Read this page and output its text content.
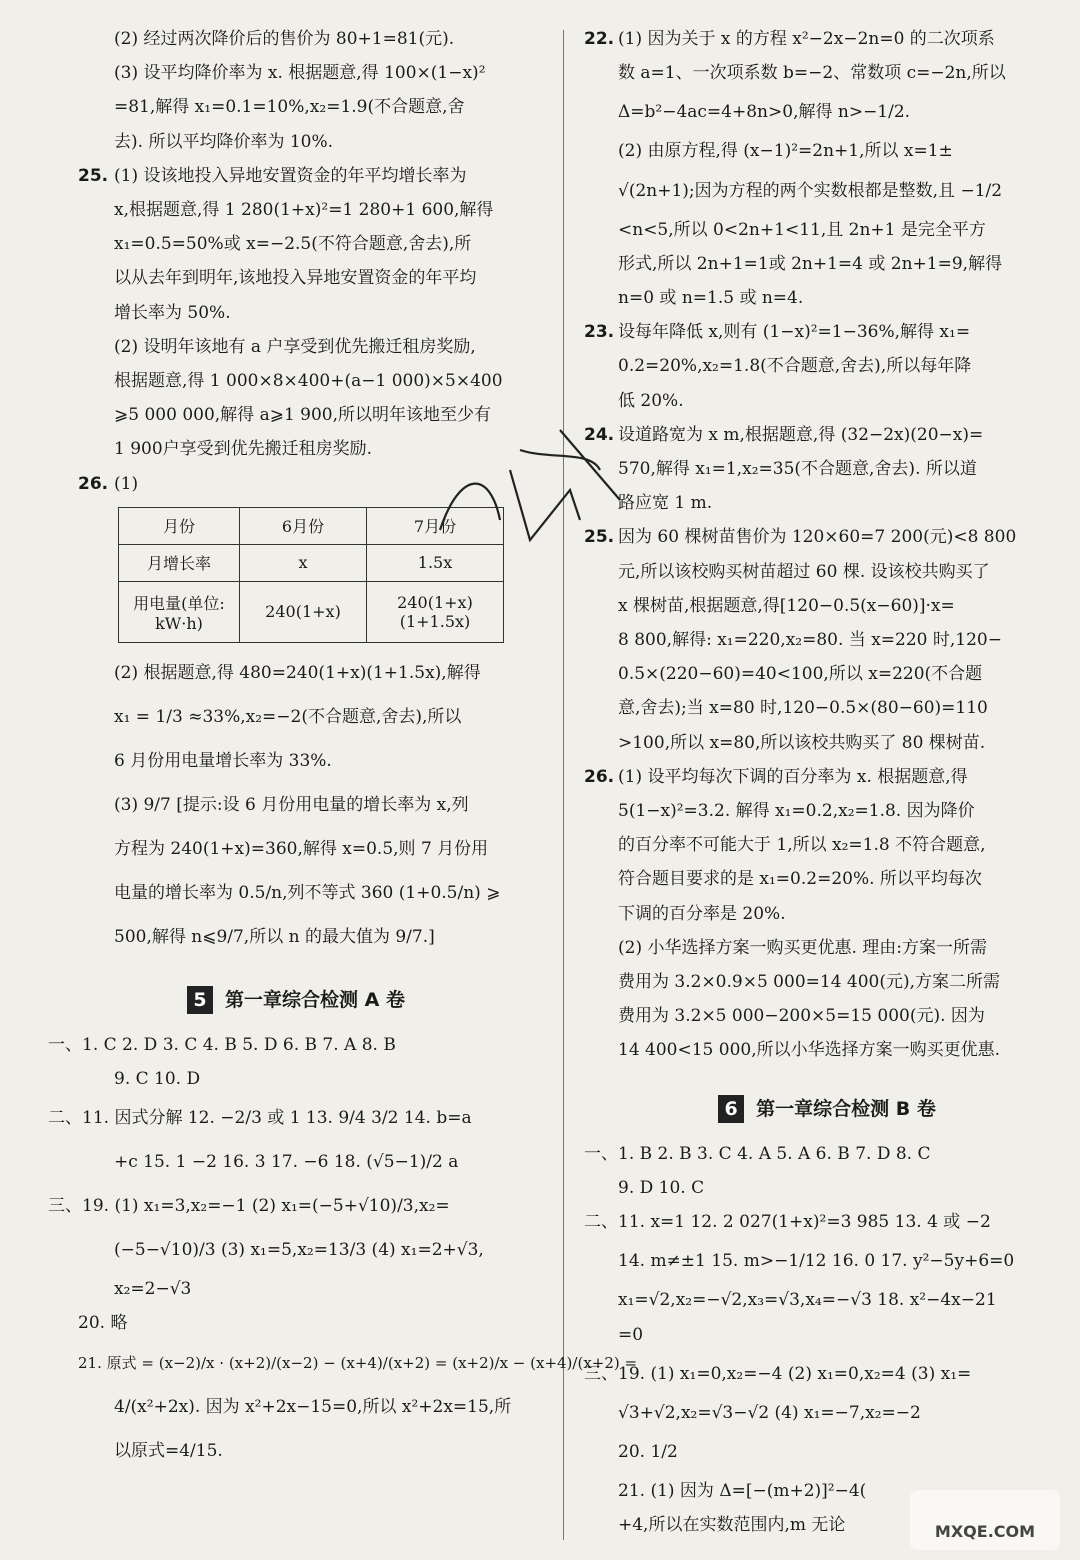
(2) 经过两次降价后的售价为 80+1=81(元).
(3) 设平均降价率为 x. 根据题意,得 100×(1−x)²
=81,解得 x₁=0.1=10%,x₂=1.9(不合题意,舍
去). 所以平均降价率为 10%.
25. (1) 设该地投入异地安置资金的年平均增长率为
x,根据题意,得 1 280(1+x)²=1 280+1 600,解得
x₁=0.5=50%或 x=−2.5(不符合题意,舍去),所
以从去年到明年,该地投入异地安置资金的年平均
增长率为 50%.
(2) 设明年该地有 a 户享受到优先搬迁租房奖励,
根据题意,得 1 000×8×400+(a−1 000)×5×400
⩾5 000 000,解得 a⩾1 900,所以明年该地至少有
1 900户享受到优先搬迁租房奖励.
26. (1)
月份	6月份	7月份
月增长率	x	1.5x
用电量(单位: kW·h)	240(1+x)	240(1+x)(1+1.5x)
(2) 根据题意,得 480=240(1+x)(1+1.5x),解得
x₁ = 1/3 ≈33%,x₂=−2(不合题意,舍去),所以
6 月份用电量增长率为 33%.
(3) 9/7 [提示:设 6 月份用电量的增长率为 x,列
方程为 240(1+x)=360,解得 x=0.5,则 7 月份用
电量的增长率为 0.5/n,列不等式 360 (1+0.5/n) ⩾
500,解得 n⩽9/7,所以 n 的最大值为 9/7.]
5 第一章综合检测 A 卷
一、1. C 2. D 3. C 4. B 5. D 6. B 7. A 8. B
9. C 10. D
二、11. 因式分解 12. −2/3 或 1 13. 9/4 3/2 14. b=a
+c 15. 1 −2 16. 3 17. −6 18. (√5−1)/2 a
三、19. (1) x₁=3,x₂=−1 (2) x₁=(−5+√10)/3,x₂=
(−5−√10)/3 (3) x₁=5,x₂=13/3 (4) x₁=2+√3,
x₂=2−√3
20. 略
21. 原式 = (x−2)/x · (x+2)/(x−2) − (x+4)/(x+2) = (x+2)/x − (x+4)/(x+2) =
4/(x²+2x). 因为 x²+2x−15=0,所以 x²+2x=15,所
以原式=4/15.
22. (1) 因为关于 x 的方程 x²−2x−2n=0 的二次项系
数 a=1、一次项系数 b=−2、常数项 c=−2n,所以
Δ=b²−4ac=4+8n>0,解得 n>−1/2.
(2) 由原方程,得 (x−1)²=2n+1,所以 x=1±
√(2n+1);因为方程的两个实数根都是整数,且 −1/2
<n<5,所以 0<2n+1<11,且 2n+1 是完全平方
形式,所以 2n+1=1或 2n+1=4 或 2n+1=9,解得
n=0 或 n=1.5 或 n=4.
23. 设每年降低 x,则有 (1−x)²=1−36%,解得 x₁=
0.2=20%,x₂=1.8(不合题意,舍去),所以每年降
低 20%.
24. 设道路宽为 x m,根据题意,得 (32−2x)(20−x)=
570,解得 x₁=1,x₂=35(不合题意,舍去). 所以道
路应宽 1 m.
25. 因为 60 棵树苗售价为 120×60=7 200(元)<8 800
元,所以该校购买树苗超过 60 棵. 设该校共购买了
x 棵树苗,根据题意,得[120−0.5(x−60)]·x=
8 800,解得: x₁=220,x₂=80. 当 x=220 时,120−
0.5×(220−60)=40<100,所以 x=220(不合题
意,舍去);当 x=80 时,120−0.5×(80−60)=110
>100,所以 x=80,所以该校共购买了 80 棵树苗.
26. (1) 设平均每次下调的百分率为 x. 根据题意,得
5(1−x)²=3.2. 解得 x₁=0.2,x₂=1.8. 因为降价
的百分率不可能大于 1,所以 x₂=1.8 不符合题意,
符合题目要求的是 x₁=0.2=20%. 所以平均每次
下调的百分率是 20%.
(2) 小华选择方案一购买更优惠. 理由:方案一所需
费用为 3.2×0.9×5 000=14 400(元),方案二所需
费用为 3.2×5 000−200×5=15 000(元). 因为
14 400<15 000,所以小华选择方案一购买更优惠.
6 第一章综合检测 B 卷
一、1. B 2. B 3. C 4. A 5. A 6. B 7. D 8. C
9. D 10. C
二、11. x=1 12. 2 027(1+x)²=3 985 13. 4 或 −2
14. m≠±1 15. m>−1/12 16. 0 17. y²−5y+6=0
x₁=√2,x₂=−√2,x₃=√3,x₄=−√3 18. x²−4x−21
=0
三、19. (1) x₁=0,x₂=−4 (2) x₁=0,x₂=4 (3) x₁=
√3+√2,x₂=√3−√2 (4) x₁=−7,x₂=−2
20. 1/2
21. (1) 因为 Δ=[−(m+2)]²−4(
+4,所以在实数范围内,m 无论	MXQE.COM
